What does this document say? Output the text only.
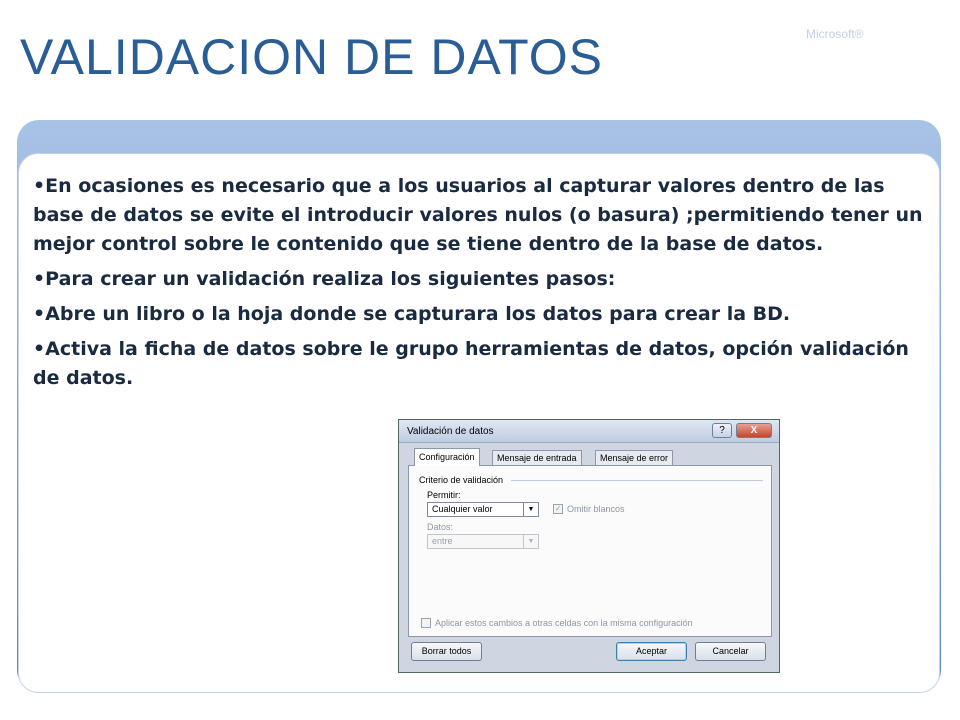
VALIDACION DE DATOS	Microsoft®

•En ocasiones es necesario que a los usuarios al capturar valores dentro de las base de datos se evite el introducir valores nulos (o basura) ;permitiendo tener un mejor control sobre le contenido que se tiene dentro de la base de datos.

•Para crear un validación realiza los siguientes pasos:

•Abre un libro o la hoja donde se capturara los datos para crear la BD.

•Activa la ficha de datos sobre le grupo herramientas de datos, opción validación de datos.

Validación de datos	?	X
Configuración	Mensaje de entrada	Mensaje de error
Criterio de validación
Permitir:
Cualquier valor	▼	✓ Omitir blancos
Datos:
entre	▼
Aplicar estos cambios a otras celdas con la misma configuración
Borrar todos	Aceptar	Cancelar
